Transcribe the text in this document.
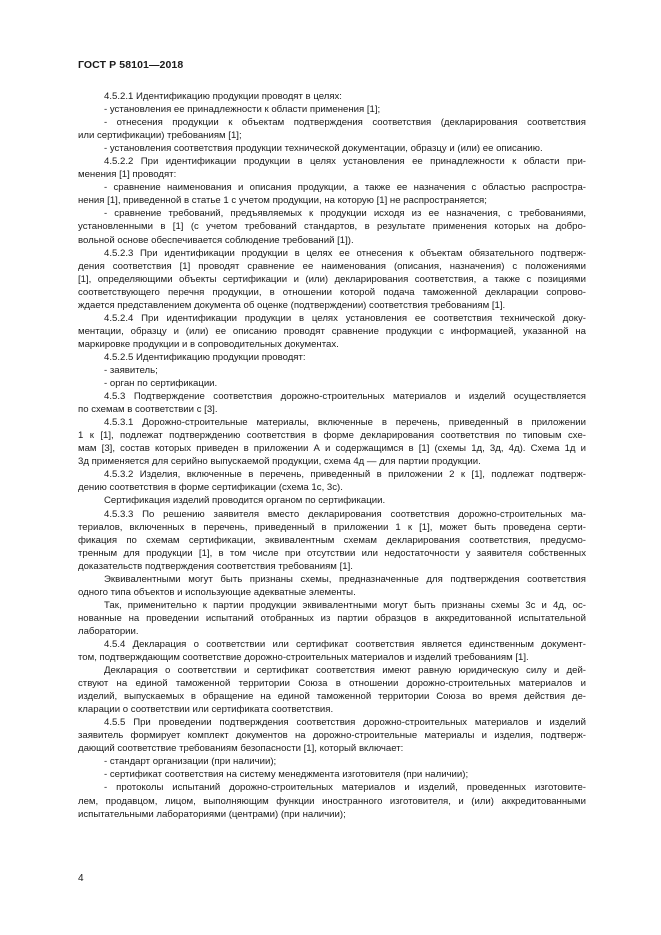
ГОСТ Р 58101—2018

4.5.2.1 Идентификацию продукции проводят в целях:

- установления ее принадлежности к области применения [1];

- отнесения продукции к объектам подтверждения соответствия (декларирования соответствия

или сертификации) требованиям [1];

- установления соответствия продукции технической документации, образцу и (или) ее описанию.

4.5.2.2 При идентификации продукции в целях установления ее принадлежности к области при-

менения [1] проводят:

- сравнение наименования и описания продукции, а также ее назначения с областью распростра-

нения [1], приведенной в статье 1 с учетом продукции, на которую [1] не распространяется;

- сравнение требований, предъявляемых к продукции исходя из ее назначения, с требованиями,

установленными в [1] (с учетом требований стандартов, в результате применения которых на добро-

вольной основе обеспечивается соблюдение требований [1]).

4.5.2.3 При идентификации продукции в целях ее отнесения к объектам обязательного подтверж-

дения соответствия [1] проводят сравнение ее наименования (описания, назначения) с положениями

[1], определяющими объекты сертификации и (или) декларирования соответствия, а также с позициями

соответствующего перечня продукции, в отношении которой подача таможенной декларации сопрово-

ждается представлением документа об оценке (подтверждении) соответствия требованиям [1].

4.5.2.4 При идентификации продукции в целях установления ее соответствия технической доку-

ментации, образцу и (или) ее описанию проводят сравнение продукции с информацией, указанной на

маркировке продукции и в сопроводительных документах.

4.5.2.5 Идентификацию продукции проводят:

- заявитель;

- орган по сертификации.

4.5.3 Подтверждение соответствия дорожно-строительных материалов и изделий осуществляется

по схемам в соответствии с [3].

4.5.3.1 Дорожно-строительные материалы, включенные в перечень, приведенный в приложении

1 к [1], подлежат подтверждению соответствия в форме декларирования соответствия по типовым схе-

мам [3], состав которых приведен в приложении А и содержащимся в [1] (схемы 1д, 3д, 4д). Схема 1д и

3д применяется для серийно выпускаемой продукции, схема 4д — для партии продукции.

4.5.3.2 Изделия, включенные в перечень, приведенный в приложении 2 к [1], подлежат подтверж-

дению соответствия в форме сертификации (схема 1с, 3с).

Сертификация изделий проводится органом по сертификации.

4.5.3.3 По решению заявителя вместо декларирования соответствия дорожно-строительных ма-

териалов, включенных в перечень, приведенный в приложении 1 к [1], может быть проведена серти-

фикация по схемам сертификации, эквивалентным схемам декларирования соответствия, предусмо-

тренным для продукции [1], в том числе при отсутствии или недостаточности у заявителя собственных

доказательств подтверждения соответствия требованиям [1].

Эквивалентными могут быть признаны схемы, предназначенные для подтверждения соответствия

одного типа объектов и использующие адекватные элементы.

Так, применительно к партии продукции эквивалентными могут быть признаны схемы 3с и 4д, ос-

нованные на проведении испытаний отобранных из партии образцов в аккредитованной испытательной

лаборатории.

4.5.4 Декларация о соответствии или сертификат соответствия является единственным документ-

том, подтверждающим соответствие дорожно-строительных материалов и изделий требованиям [1].

Декларация о соответствии и сертификат соответствия имеют равную юридическую силу и дей-

ствуют на единой таможенной территории Союза в отношении дорожно-строительных материалов и

изделий, выпускаемых в обращение на единой таможенной территории Союза во время действия де-

кларации о соответствии или сертификата соответствия.

4.5.5 При проведении подтверждения соответствия дорожно-строительных материалов и изделий

заявитель формирует комплект документов на дорожно-строительные материалы и изделия, подтверж-

дающий соответствие требованиям безопасности [1], который включает:

- стандарт организации (при наличии);

- сертификат соответствия на систему менеджмента изготовителя (при наличии);

- протоколы испытаний дорожно-строительных материалов и изделий, проведенных изготовите-

лем, продавцом, лицом, выполняющим функции иностранного изготовителя, и (или) аккредитованными

испытательными лабораториями (центрами) (при наличии);

4
